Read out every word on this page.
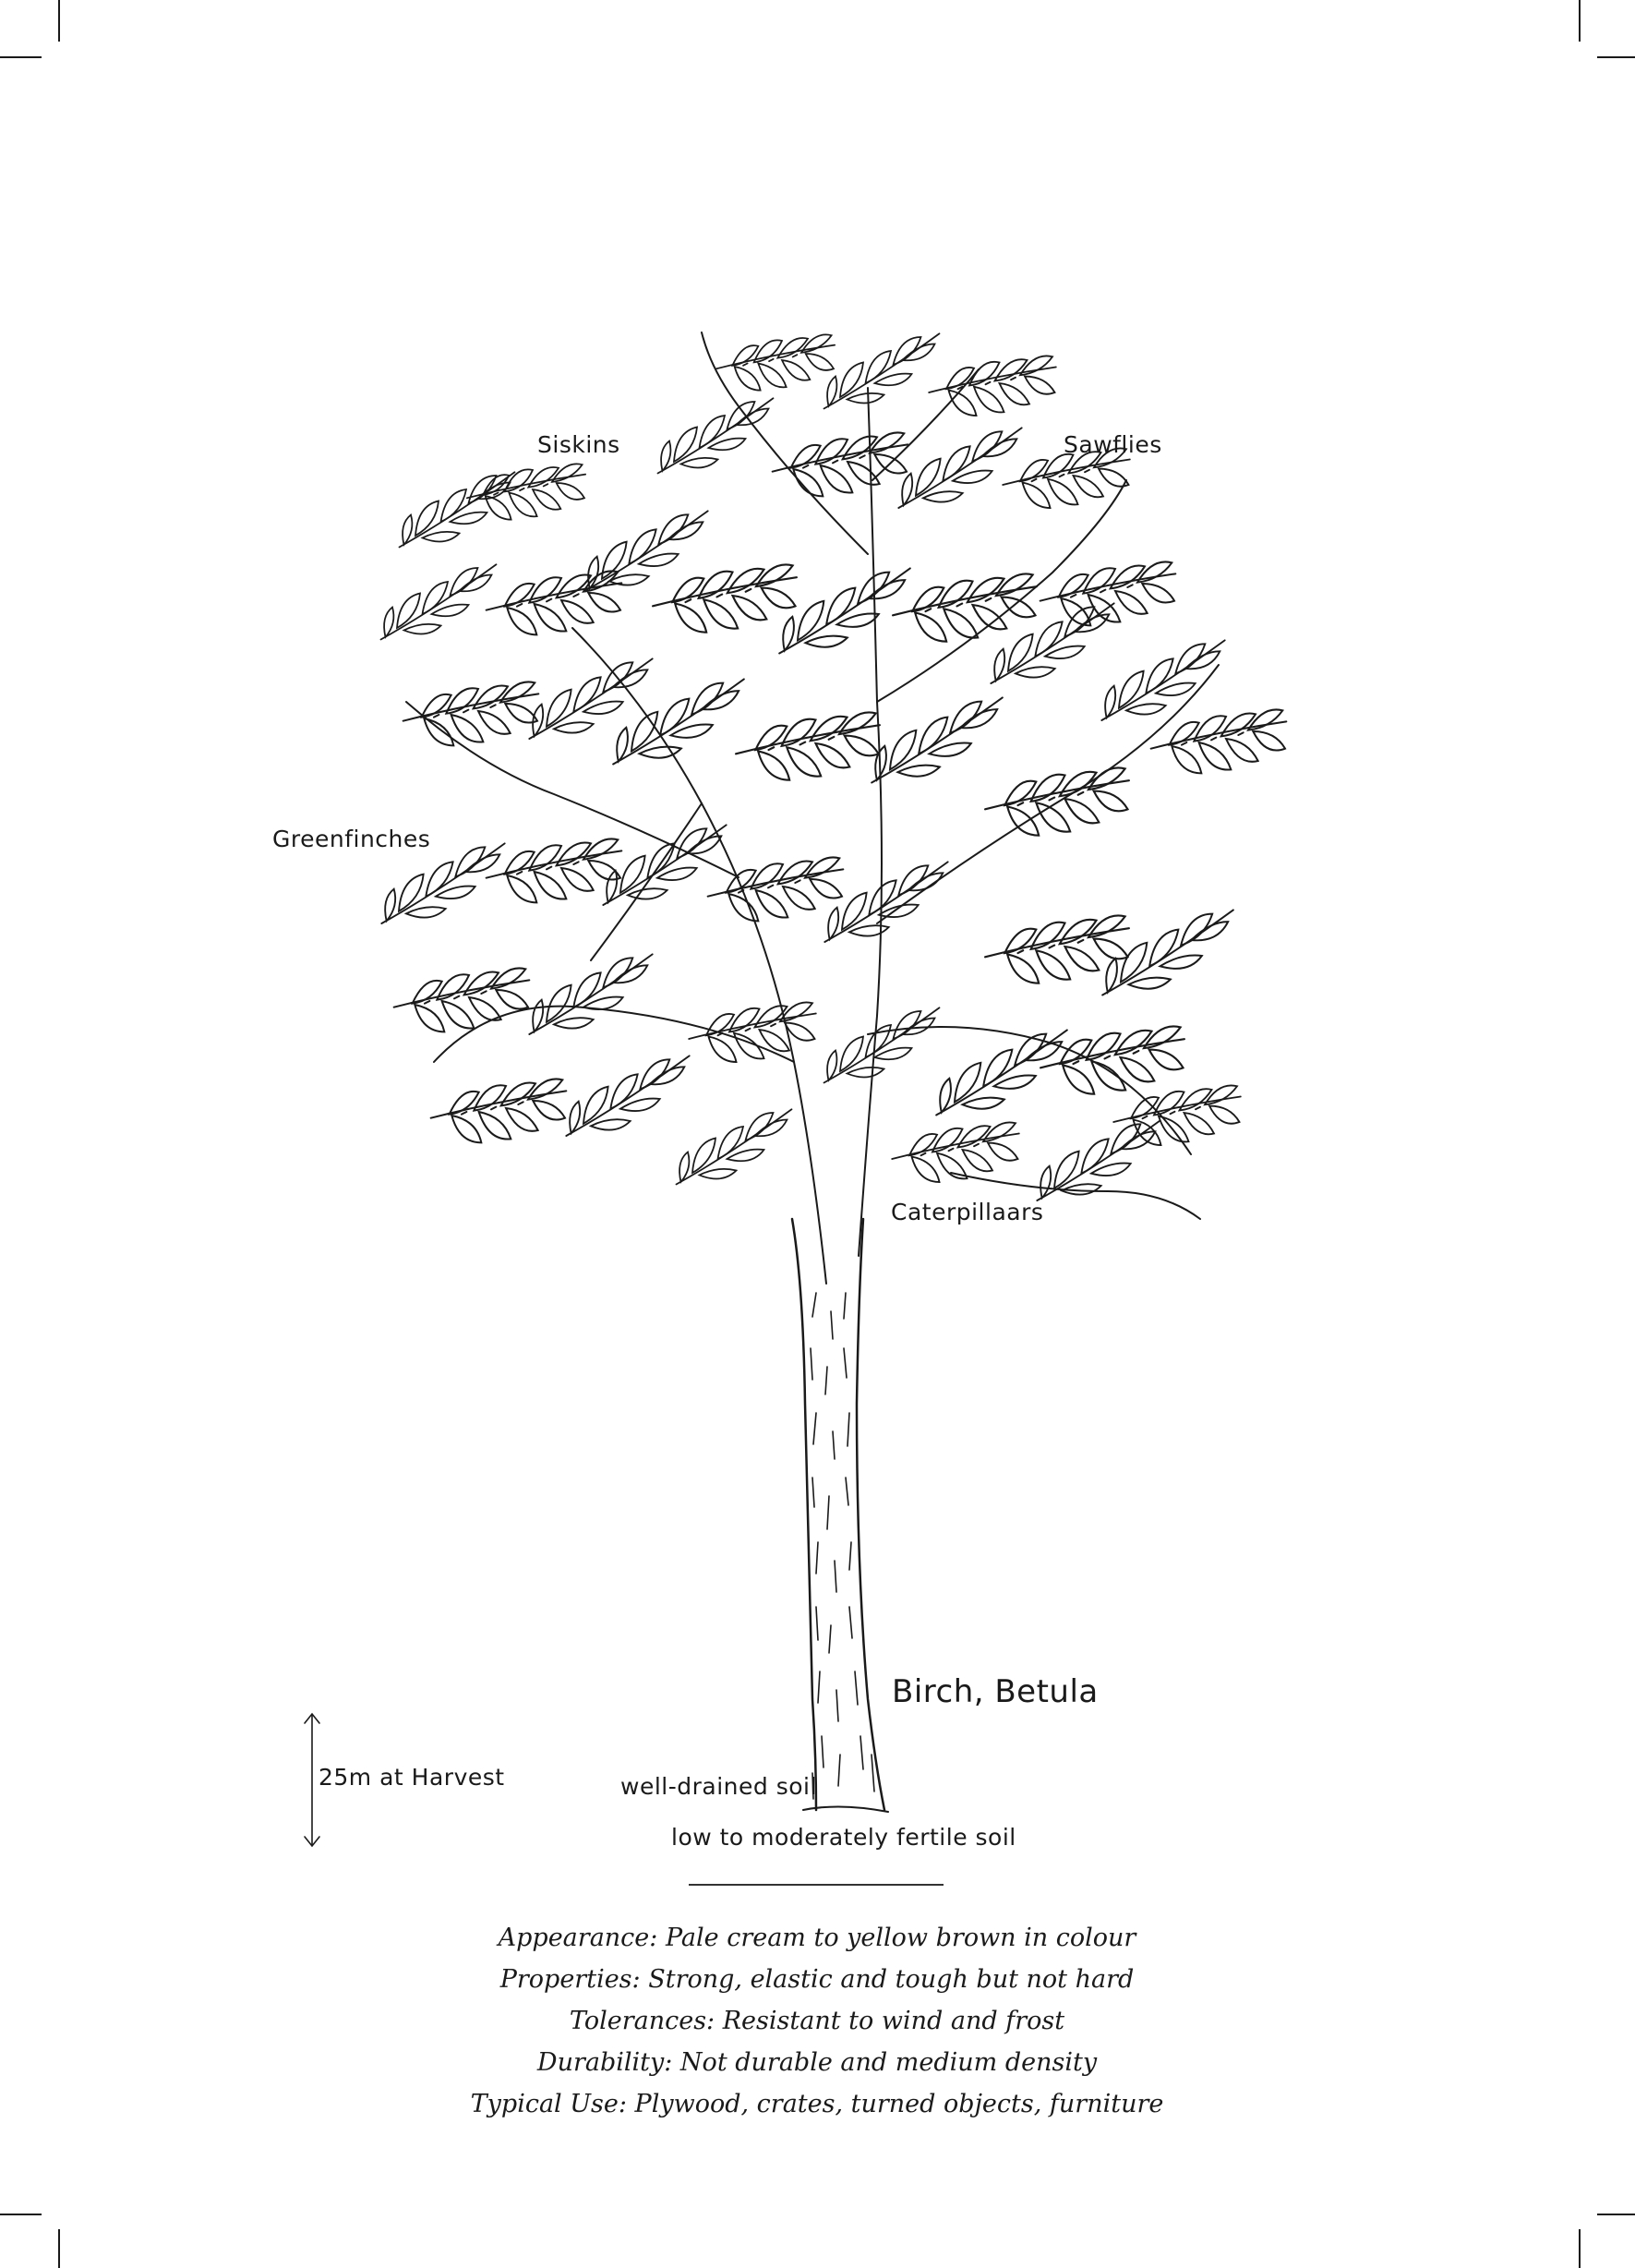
Siskins	Sawflies
Greenfinches
Caterpillaars
Birch, Betula
25m at Harvest	well-drained soil
low to moderately fertile soil
Appearance: Pale cream to yellow brown in colour
Properties: Strong, elastic and tough but not hard
Tolerances: Resistant to wind and frost
Durability: Not durable and medium density
Typical Use: Plywood, crates, turned objects, furniture
